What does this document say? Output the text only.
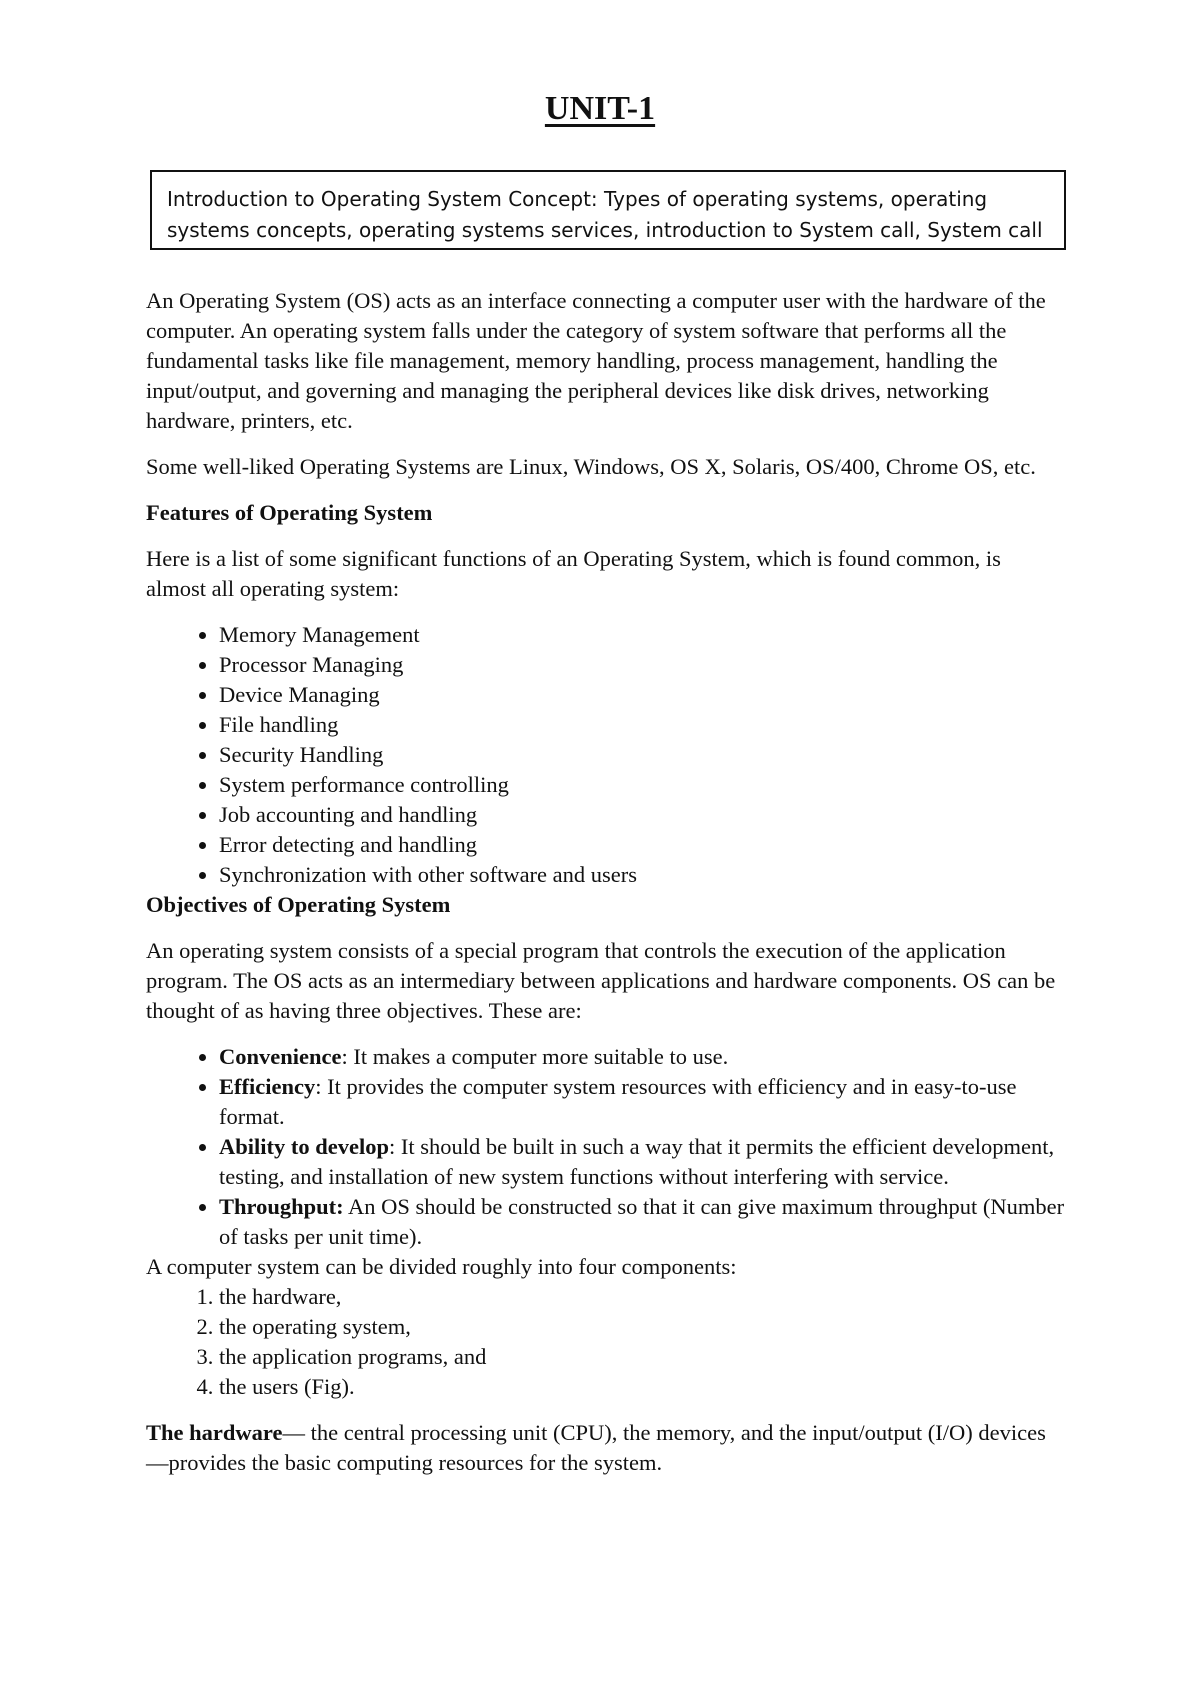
UNIT-1
Introduction to Operating System Concept: Types of operating systems, operating systems concepts, operating systems services, introduction to System call, System call

An Operating System (OS) acts as an interface connecting a computer user with the hardware of the computer. An operating system falls under the category of system software that performs all the fundamental tasks like file management, memory handling, process management, handling the input/output, and governing and managing the peripheral devices like disk drives, networking hardware, printers, etc.

Some well-liked Operating Systems are Linux, Windows, OS X, Solaris, OS/400, Chrome OS, etc.

Features of Operating System

Here is a list of some significant functions of an Operating System, which is found common, is almost all operating system:

• Memory Management
• Processor Managing
• Device Managing
• File handling
• Security Handling
• System performance controlling
• Job accounting and handling
• Error detecting and handling
• Synchronization with other software and users

Objectives of Operating System

An operating system consists of a special program that controls the execution of the application program. The OS acts as an intermediary between applications and hardware components. OS can be thought of as having three objectives. These are:

• Convenience: It makes a computer more suitable to use.
• Efficiency: It provides the computer system resources with efficiency and in easy-to-use format.
• Ability to develop: It should be built in such a way that it permits the efficient development, testing, and installation of new system functions without interfering with service.
• Throughput: An OS should be constructed so that it can give maximum throughput (Number of tasks per unit time).

A computer system can be divided roughly into four components:

1. the hardware,
2. the operating system,
3. the application programs, and
4. the users (Fig).

The hardware— the central processing unit (CPU), the memory, and the input/output (I/O) devices—provides the basic computing resources for the system.
